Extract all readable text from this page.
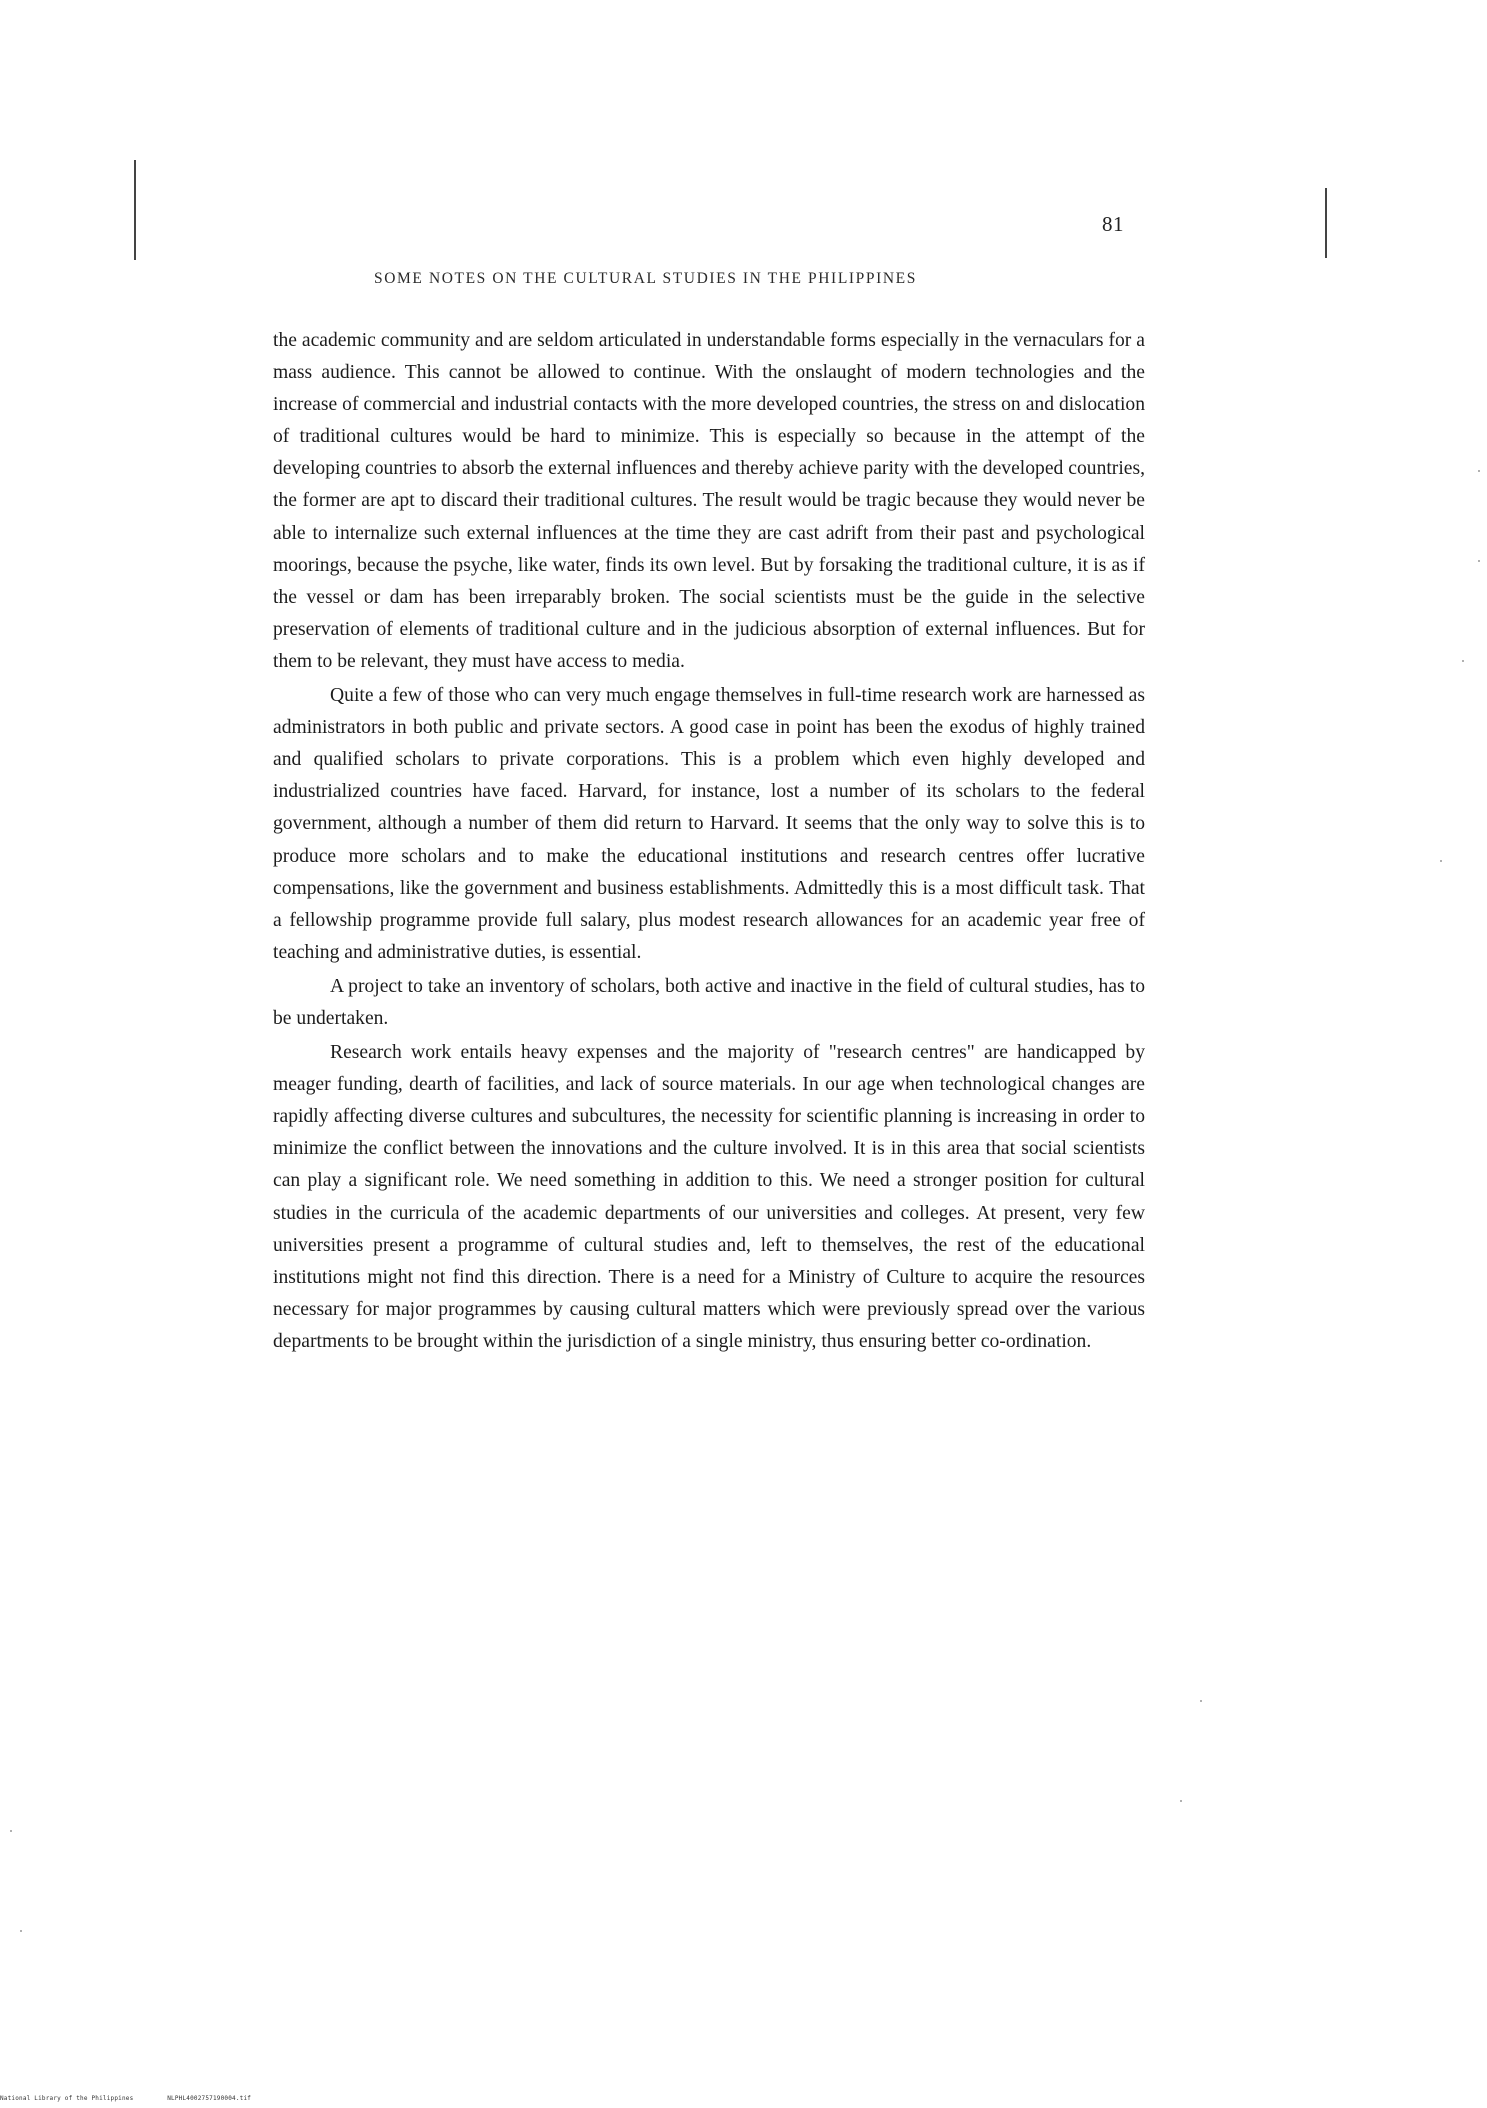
81
SOME NOTES ON THE CULTURAL STUDIES IN THE PHILIPPINES

the academic community and are seldom articulated in understandable forms especially in the vernaculars for a mass audience. This cannot be allowed to continue. With the onslaught of modern technologies and the increase of commercial and industrial contacts with the more developed countries, the stress on and dislocation of traditional cultures would be hard to minimize. This is especially so because in the attempt of the developing countries to absorb the external influences and thereby achieve parity with the developed countries, the former are apt to discard their traditional cultures. The result would be tragic because they would never be able to internalize such external influences at the time they are cast adrift from their past and psychological moorings, because the psyche, like water, finds its own level. But by forsaking the traditional culture, it is as if the vessel or dam has been irreparably broken. The social scientists must be the guide in the selective preservation of elements of traditional culture and in the judicious absorption of external influences. But for them to be relevant, they must have access to media.

Quite a few of those who can very much engage themselves in full-time research work are harnessed as administrators in both public and private sectors. A good case in point has been the exodus of highly trained and qualified scholars to private corporations. This is a problem which even highly developed and industrialized countries have faced. Harvard, for instance, lost a number of its scholars to the federal government, although a number of them did return to Harvard. It seems that the only way to solve this is to produce more scholars and to make the educational institutions and research centres offer lucrative compensations, like the government and business establishments. Admittedly this is a most difficult task. That a fellowship programme provide full salary, plus modest research allowances for an academic year free of teaching and administrative duties, is essential.

A project to take an inventory of scholars, both active and inactive in the field of cultural studies, has to be undertaken.

Research work entails heavy expenses and the majority of "research centres" are handicapped by meager funding, dearth of facilities, and lack of source materials. In our age when technological changes are rapidly affecting diverse cultures and subcultures, the necessity for scientific planning is increasing in order to minimize the conflict between the innovations and the culture involved. It is in this area that social scientists can play a significant role. We need something in addition to this. We need a stronger position for cultural studies in the curricula of the academic departments of our universities and colleges. At present, very few universities present a programme of cultural studies and, left to themselves, the rest of the educational institutions might not find this direction. There is a need for a Ministry of Culture to acquire the resources necessary for major programmes by causing cultural matters which were previously spread over the various departments to be brought within the jurisdiction of a single ministry, thus ensuring better co-ordination.

National Library of the Philippines	NLPHL4002757190004.tif
